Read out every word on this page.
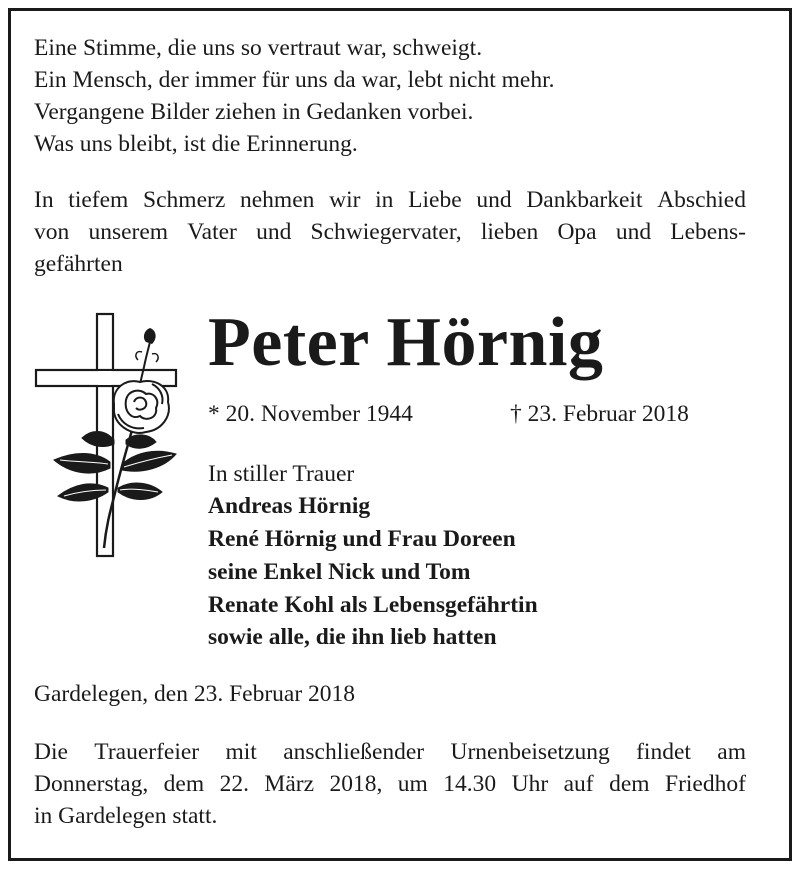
Eine Stimme, die uns so vertraut war, schweigt.
Ein Mensch, der immer für uns da war, lebt nicht mehr.
Vergangene Bilder ziehen in Gedanken vorbei.
Was uns bleibt, ist die Erinnerung.
In tiefem Schmerz nehmen wir in Liebe und Dankbarkeit Abschied
von unserem Vater und Schwiegervater, lieben Opa und Lebens-
gefährten
Peter Hörnig
* 20. November 1944	† 23. Februar 2018
In stiller Trauer
Andreas Hörnig
René Hörnig und Frau Doreen
seine Enkel Nick und Tom
Renate Kohl als Lebensgefährtin
sowie alle, die ihn lieb hatten
Gardelegen, den 23. Februar 2018
Die Trauerfeier mit anschließender Urnenbeisetzung findet am
Donnerstag, dem 22. März 2018, um 14.30 Uhr auf dem Friedhof
in Gardelegen statt.
